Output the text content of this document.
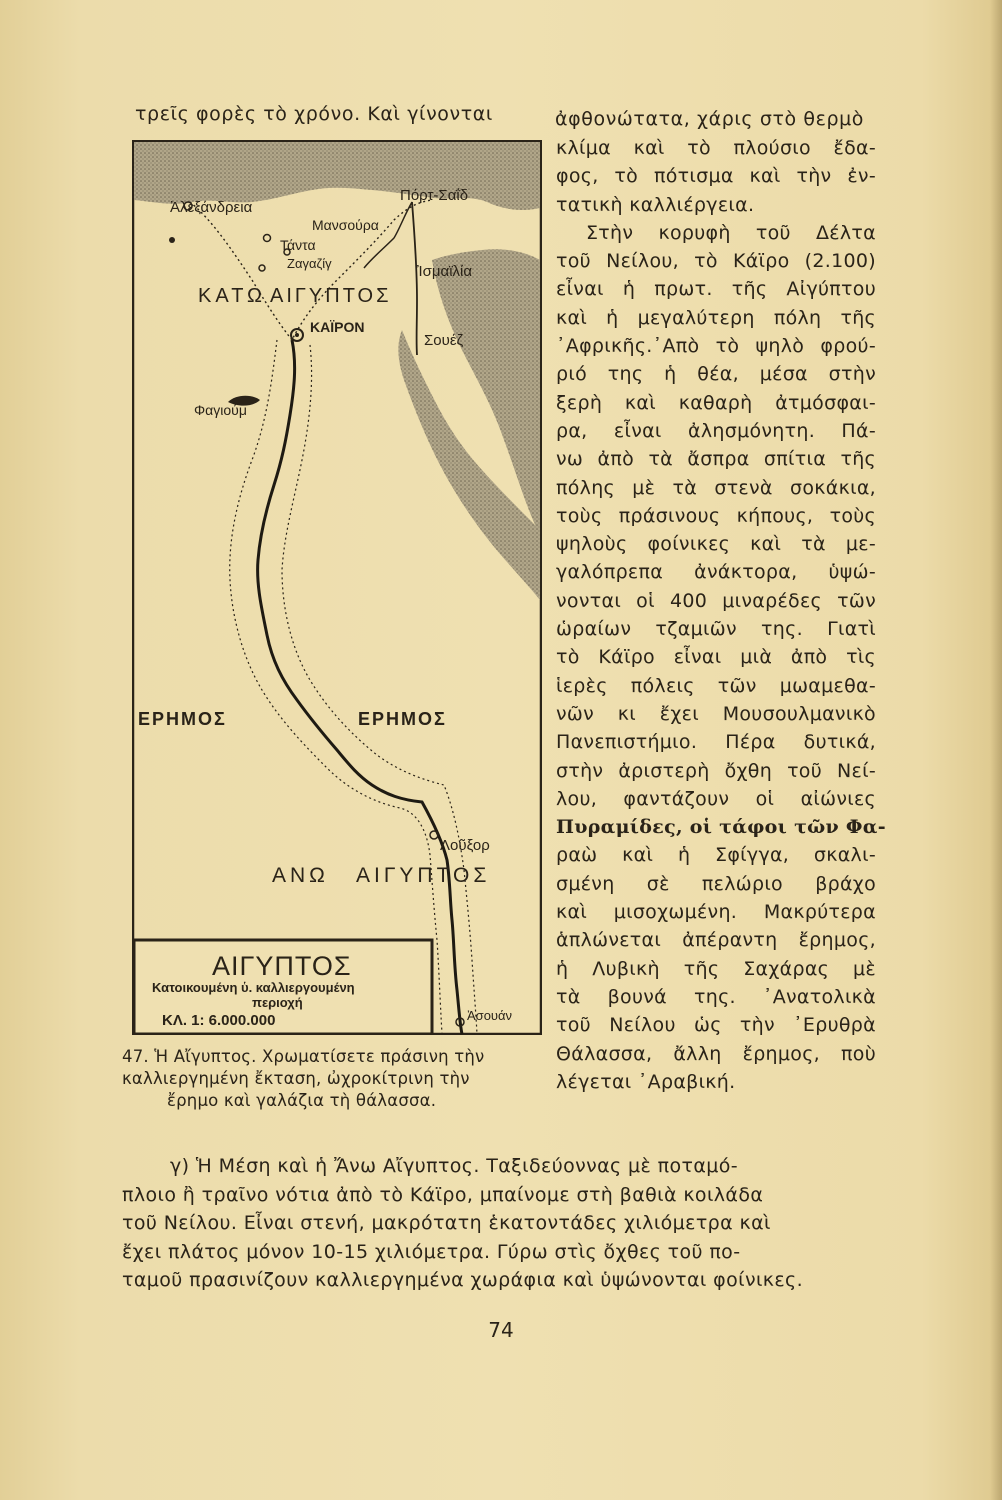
τρεῖς φορὲς τὸ χρόνο. Καὶ γίνονται	ἀφθονώτατα, χάρις στὸ θερμὸ
κλίμα καὶ τὸ πλούσιο ἔδα-
φος, τὸ πότισμα καὶ τὴν ἐν-
τατικὴ καλλιέργεια.
Στὴν κορυφὴ τοῦ Δέλτα
τοῦ Νείλου, τὸ Κάϊρο (2.100)
εἶναι ἡ πρωτ. τῆς Αἰγύπτου
καὶ ἡ μεγαλύτερη πόλη τῆς
᾿Αφρικῆς.᾿Απὸ τὸ ψηλὸ φρού-
ριό της ἡ θέα, μέσα στὴν
ξερὴ καὶ καθαρὴ ἀτμόσφαι-
ρα, εἶναι ἀλησμόνητη. Πά-
νω ἀπὸ τὰ ἄσπρα σπίτια τῆς
πόλης μὲ τὰ στενὰ σοκάκια,
τοὺς πράσινους κήπους, τοὺς
ψηλοὺς φοίνικες καὶ τὰ με-
γαλόπρεπα ἀνάκτορα, ὑψώ-
νονται οἱ 400 μιναρέδες τῶν
ὡραίων τζαμιῶν της. Γιατὶ
τὸ Κάϊρο εἶναι μιὰ ἀπὸ τὶς
ἱερὲς πόλεις τῶν μωαμεθα-
νῶν κι ἔχει Μουσουλμανικὸ
Πανεπιστήμιο. Πέρα δυτικά,
στὴν ἀριστερὴ ὄχθη τοῦ Νεί-
λου, φαντάζουν οἱ αἰώνιες
Πυραμίδες, οἱ τάφοι τῶν Φα-
ραὼ καὶ ἡ Σφίγγα, σκαλι-
σμένη σὲ πελώριο βράχο
καὶ μισοχωμένη. Μακρύτερα
ἁπλώνεται ἀπέραντη ἔρημος,
ἡ Λυβικὴ τῆς Σαχάρας μὲ
τὰ βουνά της. ᾿Ανατολικὰ
τοῦ Νείλου ὡς τὴν ᾿Ερυθρὰ
Θάλασσα, ἄλλη ἔρημος, ποὺ
λέγεται ᾿Αραβική.
Ἀλεξάνδρεια
Πόρτ-Σαΐδ
Μανσούρα
Τάντα
Ζαγαζίγ	Ἰσμαϊλία
ΚΑΤΩ ΑΙΓΥΠΤΟΣ
ΚΑΪΡΟΝ
Σουέζ
Φαγιούμ
ΕΡΗΜΟΣ	ΕΡΗΜΟΣ
Λοῦξορ
ΑΝΩ ΑΙΓΥΠΤΟΣ
Ἀσουάν
ΑΙΓΥΠΤΟΣ
Κατοικουμένη ὑ. καλλιεργουμένη
περιοχή
ΚΛ. 1: 6.000.000
47. Ἡ Αἴγυπτος. Χρωματίσετε πράσινη τὴν
καλλιεργημένη ἔκταση, ὠχροκίτρινη τὴν
ἔρημο καὶ γαλάζια τὴ θάλασσα.
γ) Ἡ Μέση καὶ ἡ Ἄνω Αἴγυπτος. Ταξιδεύοννας μὲ ποταμό-
πλοιο ἢ τραῖνο νότια ἀπὸ τὸ Κάϊρο, μπαίνομε στὴ βαθιὰ κοιλάδα
τοῦ Νείλου. Εἶναι στενή, μακρότατη ἑκατοντάδες χιλιόμετρα καὶ
ἔχει πλάτος μόνον 10-15 χιλιόμετρα. Γύρω στὶς ὄχθες τοῦ πο-
ταμοῦ πρασινίζουν καλλιεργημένα χωράφια καὶ ὑψώνονται φοίνικες.
74
